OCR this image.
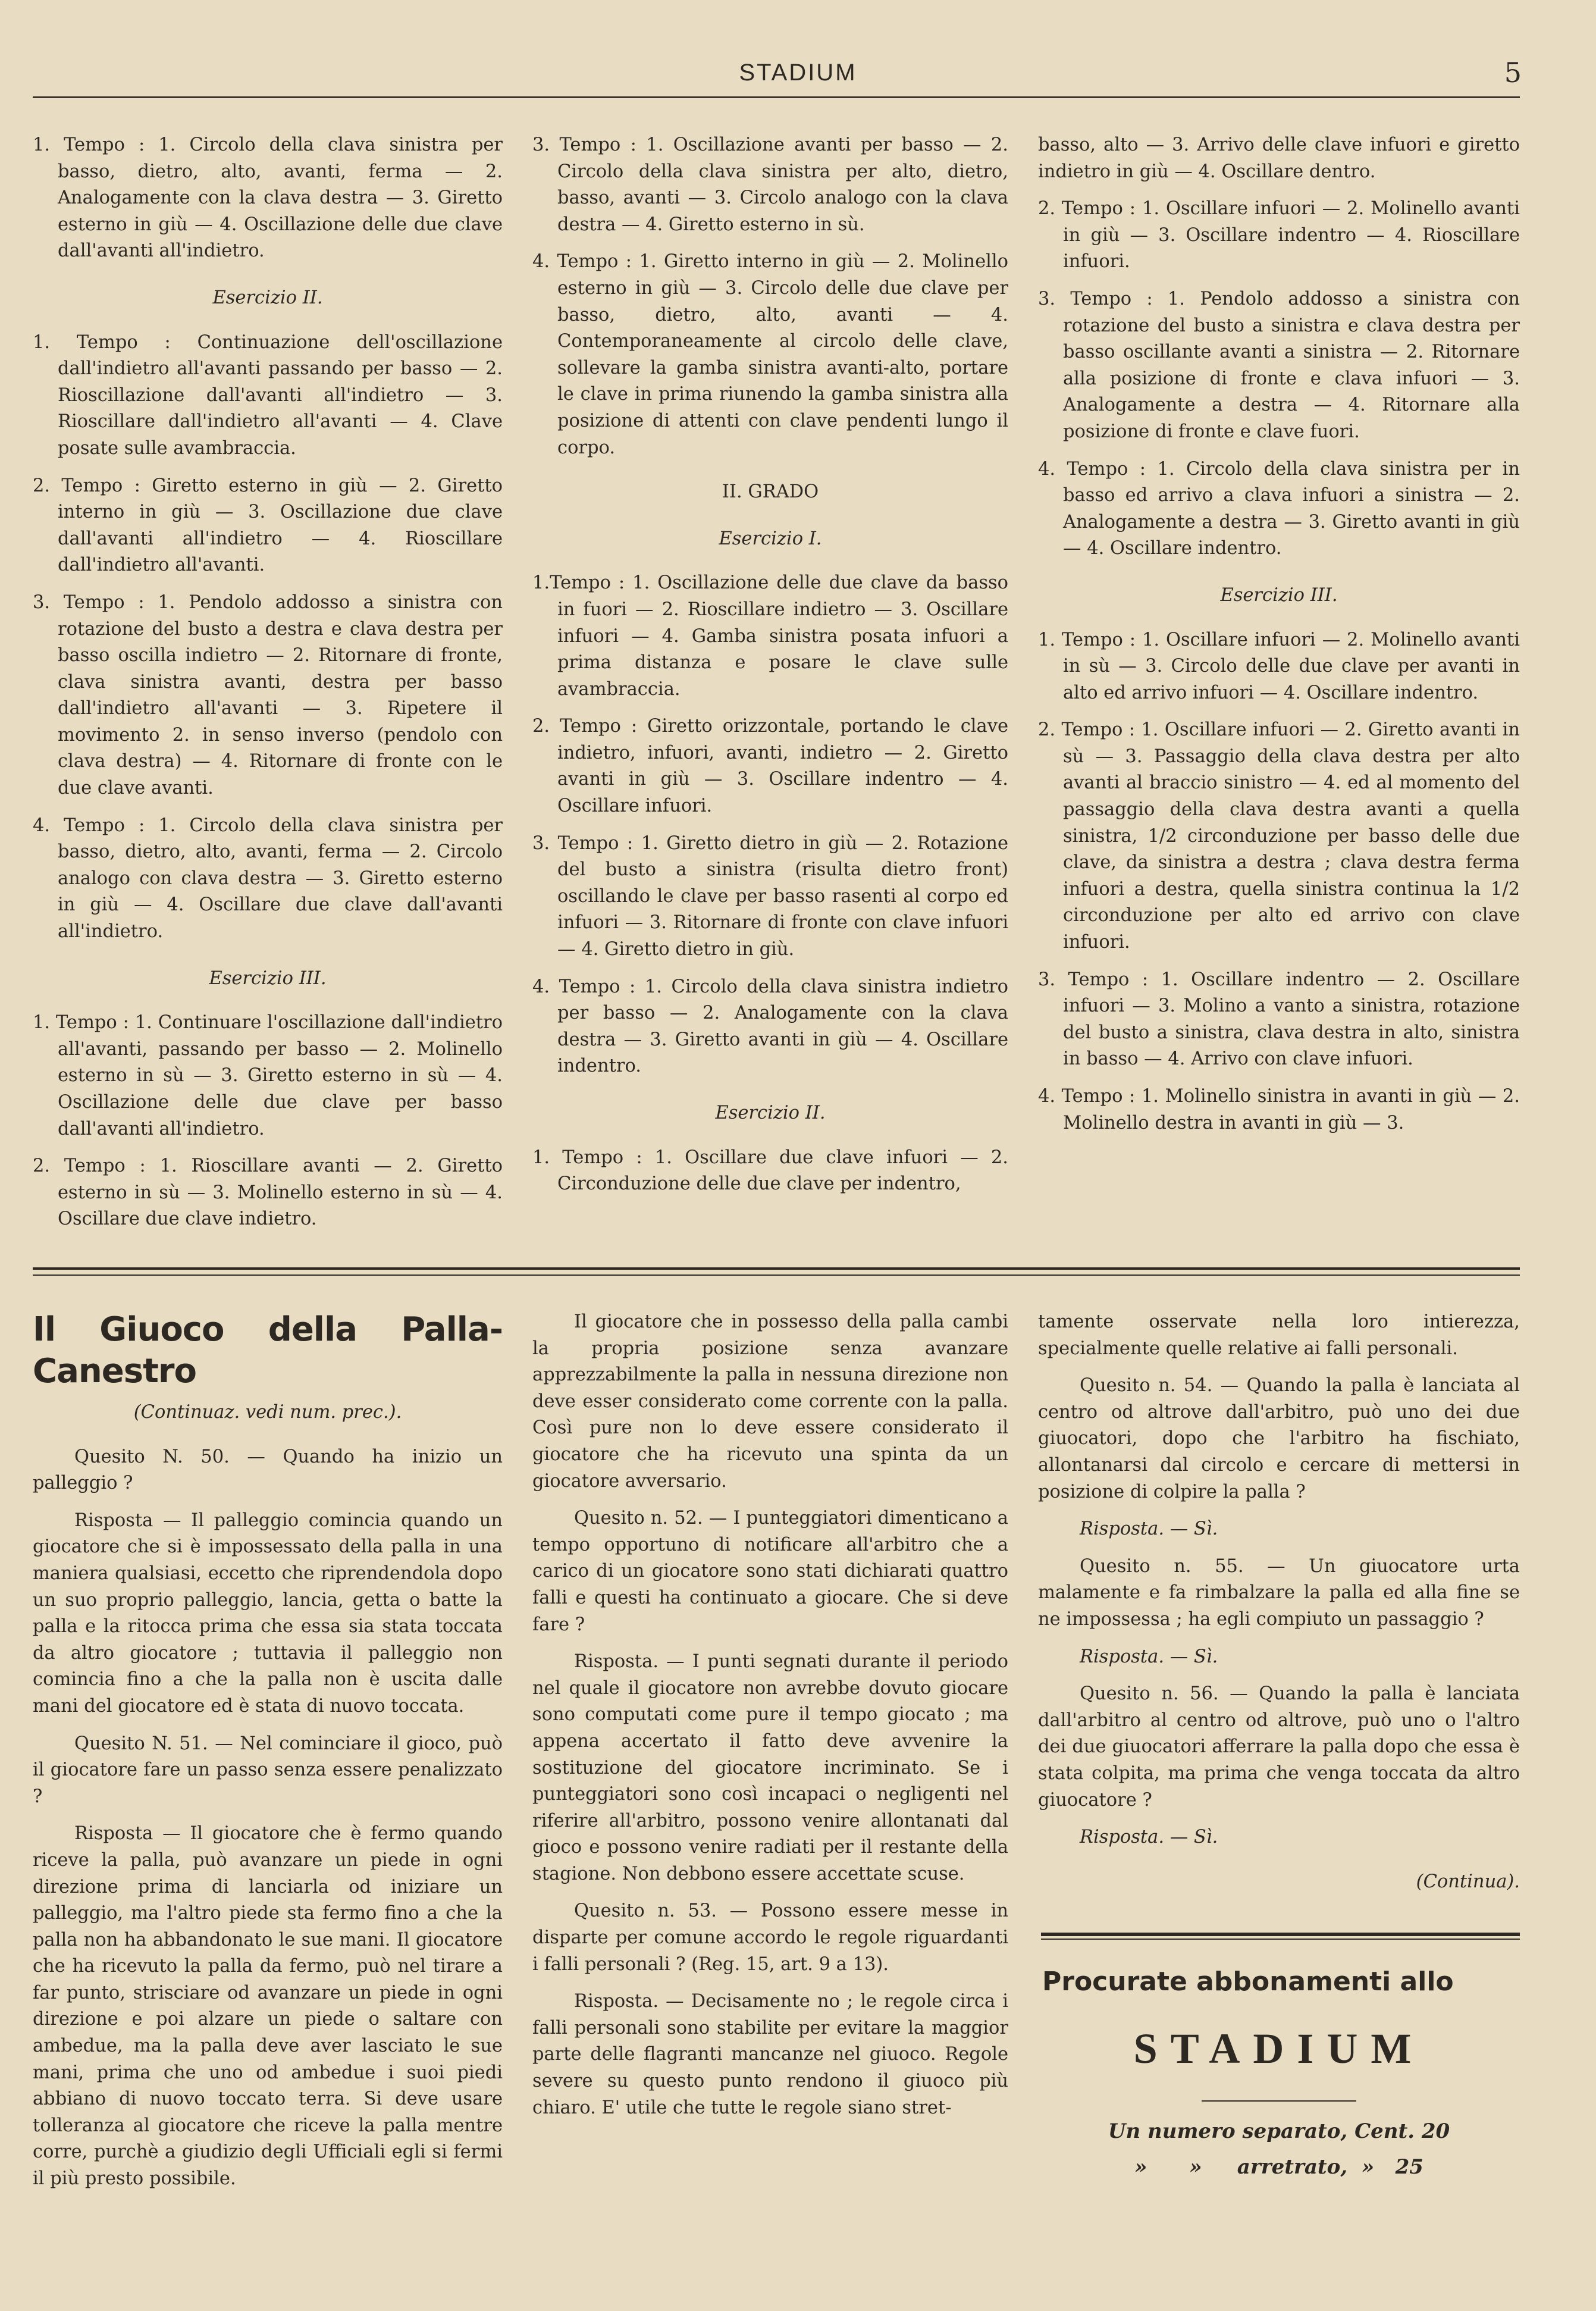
STADIUM	5

1. Tempo : 1. Circolo della clava sinistra per basso, dietro, alto, avanti, ferma — 2. Analogamente con la clava destra — 3. Giretto esterno in giù — 4. Oscillazione delle due clave dall'avanti all'indietro.

Esercizio II.

1. Tempo : Continuazione dell'oscillazione dall'indietro all'avanti passando per basso — 2. Rioscillazione dall'avanti all'indietro — 3. Rioscillare dall'indietro all'avanti — 4. Clave posate sulle avambraccia.

2. Tempo : Giretto esterno in giù — 2. Giretto interno in giù — 3. Oscillazione due clave dall'avanti all'indietro — 4. Rioscillare dall'indietro all'avanti.

3. Tempo : 1. Pendolo addosso a sinistra con rotazione del busto a destra e clava destra per basso oscilla indietro — 2. Ritornare di fronte, clava sinistra avanti, destra per basso dall'indietro all'avanti — 3. Ripetere il movimento 2. in senso inverso (pendolo con clava destra) — 4. Ritornare di fronte con le due clave avanti.

4. Tempo : 1. Circolo della clava sinistra per basso, dietro, alto, avanti, ferma — 2. Circolo analogo con clava destra — 3. Giretto esterno in giù — 4. Oscillare due clave dall'avanti all'indietro.

Esercizio III.

1. Tempo : 1. Continuare l'oscillazione dall'indietro all'avanti, passando per basso — 2. Molinello esterno in sù — 3. Giretto esterno in sù — 4. Oscillazione delle due clave per basso dall'avanti all'indietro.

2. Tempo : 1. Rioscillare avanti — 2. Giretto esterno in sù — 3. Molinello esterno in sù — 4. Oscillare due clave indietro.

3. Tempo : 1. Oscillazione avanti per basso — 2. Circolo della clava sinistra per alto, dietro, basso, avanti — 3. Circolo analogo con la clava destra — 4. Giretto esterno in sù.

4. Tempo : 1. Giretto interno in giù — 2. Molinello esterno in giù — 3. Circolo delle due clave per basso, dietro, alto, avanti — 4. Contemporaneamente al circolo delle clave, sollevare la gamba sinistra avanti-alto, portare le clave in prima riunendo la gamba sinistra alla posizione di attenti con clave pendenti lungo il corpo.

II. GRADO

Esercizio I.

1.Tempo : 1. Oscillazione delle due clave da basso in fuori — 2. Rioscillare indietro — 3. Oscillare infuori — 4. Gamba sinistra posata infuori a prima distanza e posare le clave sulle avambraccia.

2. Tempo : Giretto orizzontale, portando le clave indietro, infuori, avanti, indietro — 2. Giretto avanti in giù — 3. Oscillare indentro — 4. Oscillare infuori.

3. Tempo : 1. Giretto dietro in giù — 2. Rotazione del busto a sinistra (risulta dietro front) oscillando le clave per basso rasenti al corpo ed infuori — 3. Ritornare di fronte con clave infuori — 4. Giretto dietro in giù.

4. Tempo : 1. Circolo della clava sinistra indietro per basso — 2. Analogamente con la clava destra — 3. Giretto avanti in giù — 4. Oscillare indentro.

Esercizio II.

1. Tempo : 1. Oscillare due clave infuori — 2. Circonduzione delle due clave per indentro,

basso, alto — 3. Arrivo delle clave infuori e giretto indietro in giù — 4. Oscillare dentro.

2. Tempo : 1. Oscillare infuori — 2. Molinello avanti in giù — 3. Oscillare indentro — 4. Rioscillare infuori.

3. Tempo : 1. Pendolo addosso a sinistra con rotazione del busto a sinistra e clava destra per basso oscillante avanti a sinistra — 2. Ritornare alla posizione di fronte e clava infuori — 3. Analogamente a destra — 4. Ritornare alla posizione di fronte e clave fuori.

4. Tempo : 1. Circolo della clava sinistra per in basso ed arrivo a clava infuori a sinistra — 2. Analogamente a destra — 3. Giretto avanti in giù — 4. Oscillare indentro.

Esercizio III.

1. Tempo : 1. Oscillare infuori — 2. Molinello avanti in sù — 3. Circolo delle due clave per avanti in alto ed arrivo infuori — 4. Oscillare indentro.

2. Tempo : 1. Oscillare infuori — 2. Giretto avanti in sù — 3. Passaggio della clava destra per alto avanti al braccio sinistro — 4. ed al momento del passaggio della clava destra avanti a quella sinistra, 1/2 circonduzione per basso delle due clave, da sinistra a destra ; clava destra ferma infuori a destra, quella sinistra continua la 1/2 circonduzione per alto ed arrivo con clave infuori.

3. Tempo : 1. Oscillare indentro — 2. Oscillare infuori — 3. Molino a vanto a sinistra, rotazione del busto a sinistra, clava destra in alto, sinistra in basso — 4. Arrivo con clave infuori.

4. Tempo : 1. Molinello sinistra in avanti in giù — 2. Molinello destra in avanti in giù — 3.

Il Giuoco della Palla-Canestro

(Continuaz. vedi num. prec.).

Quesito N. 50. — Quando ha inizio un palleggio ?

Risposta — Il palleggio comincia quando un giocatore che si è impossessato della palla in una maniera qualsiasi, eccetto che riprendendola dopo un suo proprio palleggio, lancia, getta o batte la palla e la ritocca prima che essa sia stata toccata da altro giocatore ; tuttavia il palleggio non comincia fino a che la palla non è uscita dalle mani del giocatore ed è stata di nuovo toccata.

Quesito N. 51. — Nel cominciare il gioco, può il giocatore fare un passo senza essere penalizzato ?

Risposta — Il giocatore che è fermo quando riceve la palla, può avanzare un piede in ogni direzione prima di lanciarla od iniziare un palleggio, ma l'altro piede sta fermo fino a che la palla non ha abbandonato le sue mani. Il giocatore che ha ricevuto la palla da fermo, può nel tirare a far punto, strisciare od avanzare un piede in ogni direzione e poi alzare un piede o saltare con ambedue, ma la palla deve aver lasciato le sue mani, prima che uno od ambedue i suoi piedi abbiano di nuovo toccato terra. Si deve usare tolleranza al giocatore che riceve la palla mentre corre, purchè a giudizio degli Ufficiali egli si fermi il più presto possibile.

Il giocatore che in possesso della palla cambi la propria posizione senza avanzare apprezzabilmente la palla in nessuna direzione non deve esser considerato come corrente con la palla. Così pure non lo deve essere considerato il giocatore che ha ricevuto una spinta da un giocatore avversario.

Quesito n. 52. — I punteggiatori dimenticano a tempo opportuno di notificare all'arbitro che a carico di un giocatore sono stati dichiarati quattro falli e questi ha continuato a giocare. Che si deve fare ?

Risposta. — I punti segnati durante il periodo nel quale il giocatore non avrebbe dovuto giocare sono computati come pure il tempo giocato ; ma appena accertato il fatto deve avvenire la sostituzione del giocatore incriminato. Se i punteggiatori sono così incapaci o negligenti nel riferire all'arbitro, possono venire allontanati dal gioco e possono venire radiati per il restante della stagione. Non debbono essere accettate scuse.

Quesito n. 53. — Possono essere messe in disparte per comune accordo le regole riguardanti i falli personali ? (Reg. 15, art. 9 a 13).

Risposta. — Decisamente no ; le regole circa i falli personali sono stabilite per evitare la maggior parte delle flagranti mancanze nel giuoco. Regole severe su questo punto rendono il giuoco più chiaro. E' utile che tutte le regole siano stret-

tamente osservate nella loro intierezza, specialmente quelle relative ai falli personali.

Quesito n. 54. — Quando la palla è lanciata al centro od altrove dall'arbitro, può uno dei due giuocatori, dopo che l'arbitro ha fischiato, allontanarsi dal circolo e cercare di mettersi in posizione di colpire la palla ?

Risposta. — Sì.

Quesito n. 55. — Un giuocatore urta malamente e fa rimbalzare la palla ed alla fine se ne impossessa ; ha egli compiuto un passaggio ?

Risposta. — Sì.

Quesito n. 56. — Quando la palla è lanciata dall'arbitro al centro od altrove, può uno o l'altro dei due giuocatori afferrare la palla dopo che essa è stata colpita, ma prima che venga toccata da altro giuocatore ?

Risposta. — Sì.

(Continua).

Procurate abbonamenti allo
STADIUM
Un numero separato, Cent. 20
»      »     arretrato,  »   25
